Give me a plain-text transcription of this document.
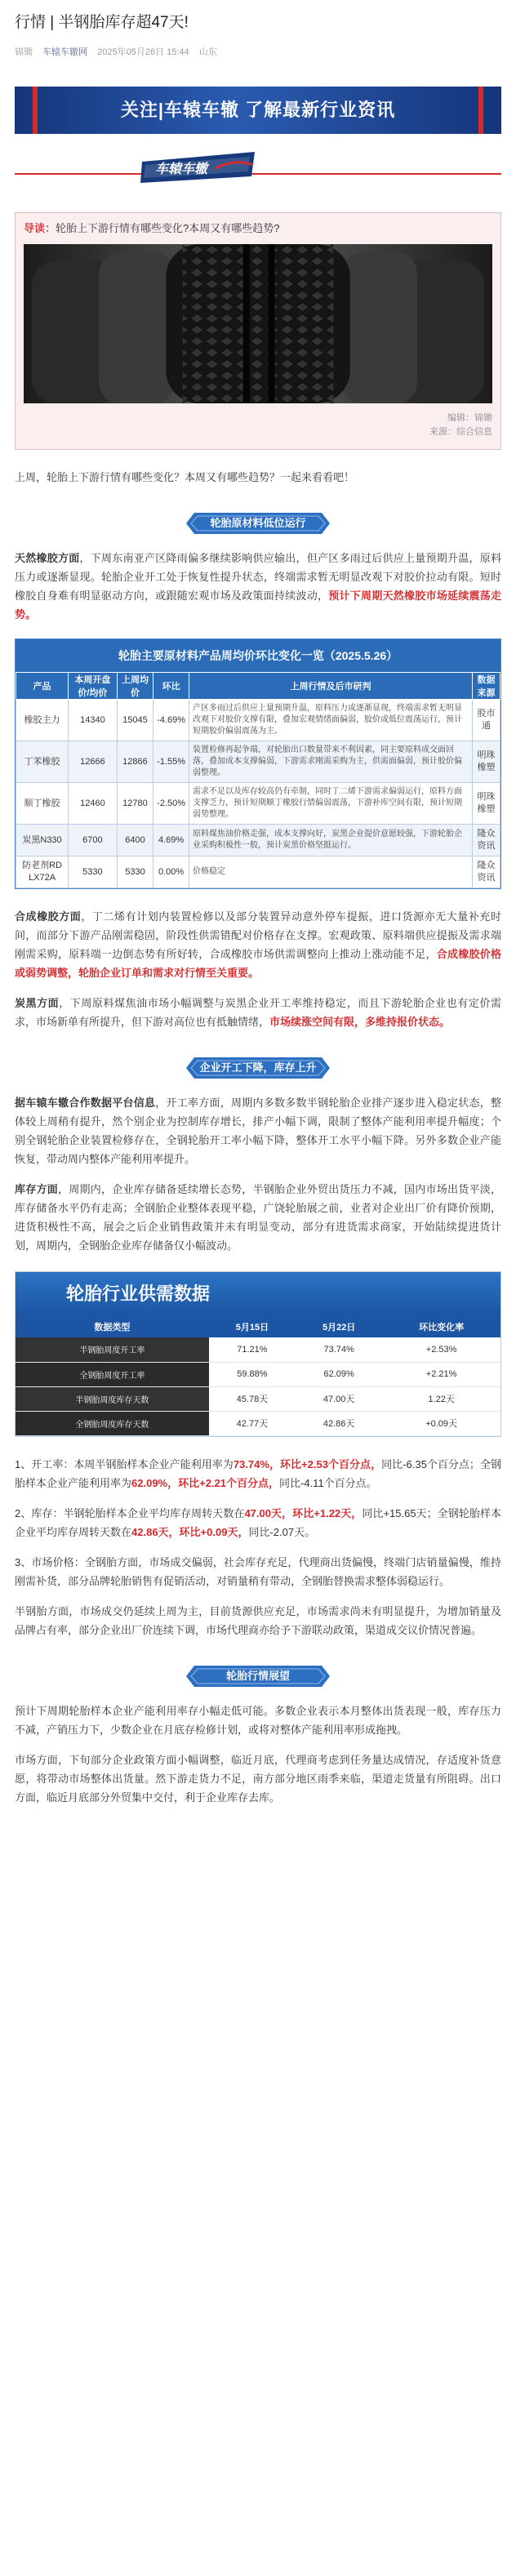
行情 | 半钢胎库存超47天!
锦锄 车辕车辙网 2025年05月26日 15:44 山东
关注|车辕车辙 了解最新行业资讯
车辕车辙
导读：轮胎上下游行情有哪些变化?本周又有哪些趋势?
编辑：锦锄
来源：综合信息

上周，轮胎上下游行情有哪些变化？本周又有哪些趋势？一起来看看吧！

轮胎原材料低位运行

天然橡胶方面，下周东南亚产区降雨偏多继续影响供应输出，但产区多雨过后供应上量预期升温，原料压力或逐渐显现。轮胎企业开工处于恢复性提升状态，终端需求暂无明显改观下对胶价拉动有限。短时橡胶自身难有明显驱动方向，或跟随宏观市场及政策面持续波动，预计下周期天然橡胶市场延续震荡走势。

轮胎主要原材料产品周均价环比变化一览（2025.5.26）
产品	本周开盘价/均价	上周均价	环比	上周行情及后市研判	数据来源
橡胶主力	14340	15045	-4.69%	产区多雨过后供应上量预期升温，原料压力或逐渐显现，终端需求暂无明显改观下对胶价支撑有限，叠加宏观情绪面偏弱，胶价或低位震荡运行，预计短期胶价偏弱震荡为主。	股市通
丁苯橡胶	12666	12866	-1.55%	装置检修再起争端，对轮胎出口数量带来不利因素，同主要原料成交面回落，叠加成本支撑偏弱，下游需求刚需采购为主，供需面偏弱，预计胶价偏弱整理。	明珠橡塑
顺丁橡胶	12460	12780	-2.50%	需求不足以及库存较高仍有牵制，同时丁二烯下游需求偏弱运行，原料方面支撑乏力，预计短期顺丁橡胶行情偏弱震荡，下游补库空间有限，预计短期弱势整理。	明珠橡塑
炭黑N330	6700	6400	4.69%	原料煤焦油价格走强，成本支撑向好，炭黑企业提价意愿较强，下游轮胎企业采购积极性一般，预计炭黑价格坚挺运行。	隆众资讯
防老剂RD LX72A	5330	5330	0.00%	价格稳定	隆众资讯

合成橡胶方面，丁二烯有计划内装置检修以及部分装置异动意外停车提振，进口货源亦无大量补充时间，而部分下游产品刚需稳固，阶段性供需错配对价格存在支撑。宏观政策、原料端供应提振及需求端刚需采购，原料端一边倒态势有所好转，合成橡胶市场供需调整向上推动上涨动能不足，合成橡胶价格或弱势调整，轮胎企业订单和需求对行情至关重要。

炭黑方面，下周原料煤焦油市场小幅调整与炭黑企业开工率维持稳定，而且下游轮胎企业也有定价需求，市场新单有所提升，但下游对高位也有抵触情绪，市场续涨空间有限，多维持报价状态。

企业开工下降，库存上升

据车辕车辙合作数据平台信息，开工率方面，周期内多数多数半钢轮胎企业排产逐步进入稳定状态，整体较上周稍有提升，然个别企业为控制库存增长，排产小幅下调，限制了整体产能利用率提升幅度；个别全钢轮胎企业装置检修存在，全钢轮胎开工率小幅下降，整体开工水平小幅下降。另外多数企业产能恢复，带动周内整体产能利用率提升。

库存方面，周期内，企业库存储备延续增长态势，半钢胎企业外贸出货压力不减，国内市场出货平淡，库存储备水平仍有走高；全钢胎企业整体表现平稳，广饶轮胎展之前，业者对企业出厂价有降价预期，进货积极性不高，展会之后企业销售政策并未有明显变动，部分有进货需求商家，开始陆续提进货计划，周期内，全钢胎企业库存储备仅小幅波动。

轮胎行业供需数据
数据类型	5月15日	5月22日	环比变化率
半钢胎周度开工率	71.21%	73.74%	+2.53%
全钢胎周度开工率	59.88%	62.09%	+2.21%
半钢胎周度库存天数	45.78天	47.00天	1.22天
全钢胎周度库存天数	42.77天	42.86天	+0.09天

1、开工率：本周半钢胎样本企业产能利用率为73.74%，环比+2.53个百分点，同比-6.35个百分点；全钢胎样本企业产能利用率为62.09%，环比+2.21个百分点，同比-4.11个百分点。

2、库存：半钢轮胎样本企业平均库存周转天数在47.00天，环比+1.22天，同比+15.65天；全钢轮胎样本企业平均库存周转天数在42.86天，环比+0.09天，同比-2.07天。

3、市场价格：全钢胎方面，市场成交偏弱，社会库存充足，代理商出货偏慢，终端门店销量偏慢，维持刚需补货，部分品牌轮胎销售有促销活动，对销量稍有带动，全钢胎替换需求整体弱稳运行。

半钢胎方面，市场成交仍延续上周为主，目前货源供应充足，市场需求尚未有明显提升，为增加销量及品牌占有率，部分企业出厂价连续下调，市场代理商亦给予下游联动政策，渠道成交议价情况普遍。

轮胎行情展望

预计下周期轮胎样本企业产能利用率存小幅走低可能。多数企业表示本月整体出货表现一般，库存压力不减，产销压力下，少数企业在月底存检修计划，或将对整体产能利用率形成拖拽。

市场方面，下旬部分企业政策方面小幅调整，临近月底，代理商考虑到任务量达成情况，存适度补货意愿，将带动市场整体出货量。然下游走货力不足，南方部分地区雨季来临，渠道走货量有所阻碍。出口方面，临近月底部分外贸集中交付，利于企业库存去库。
